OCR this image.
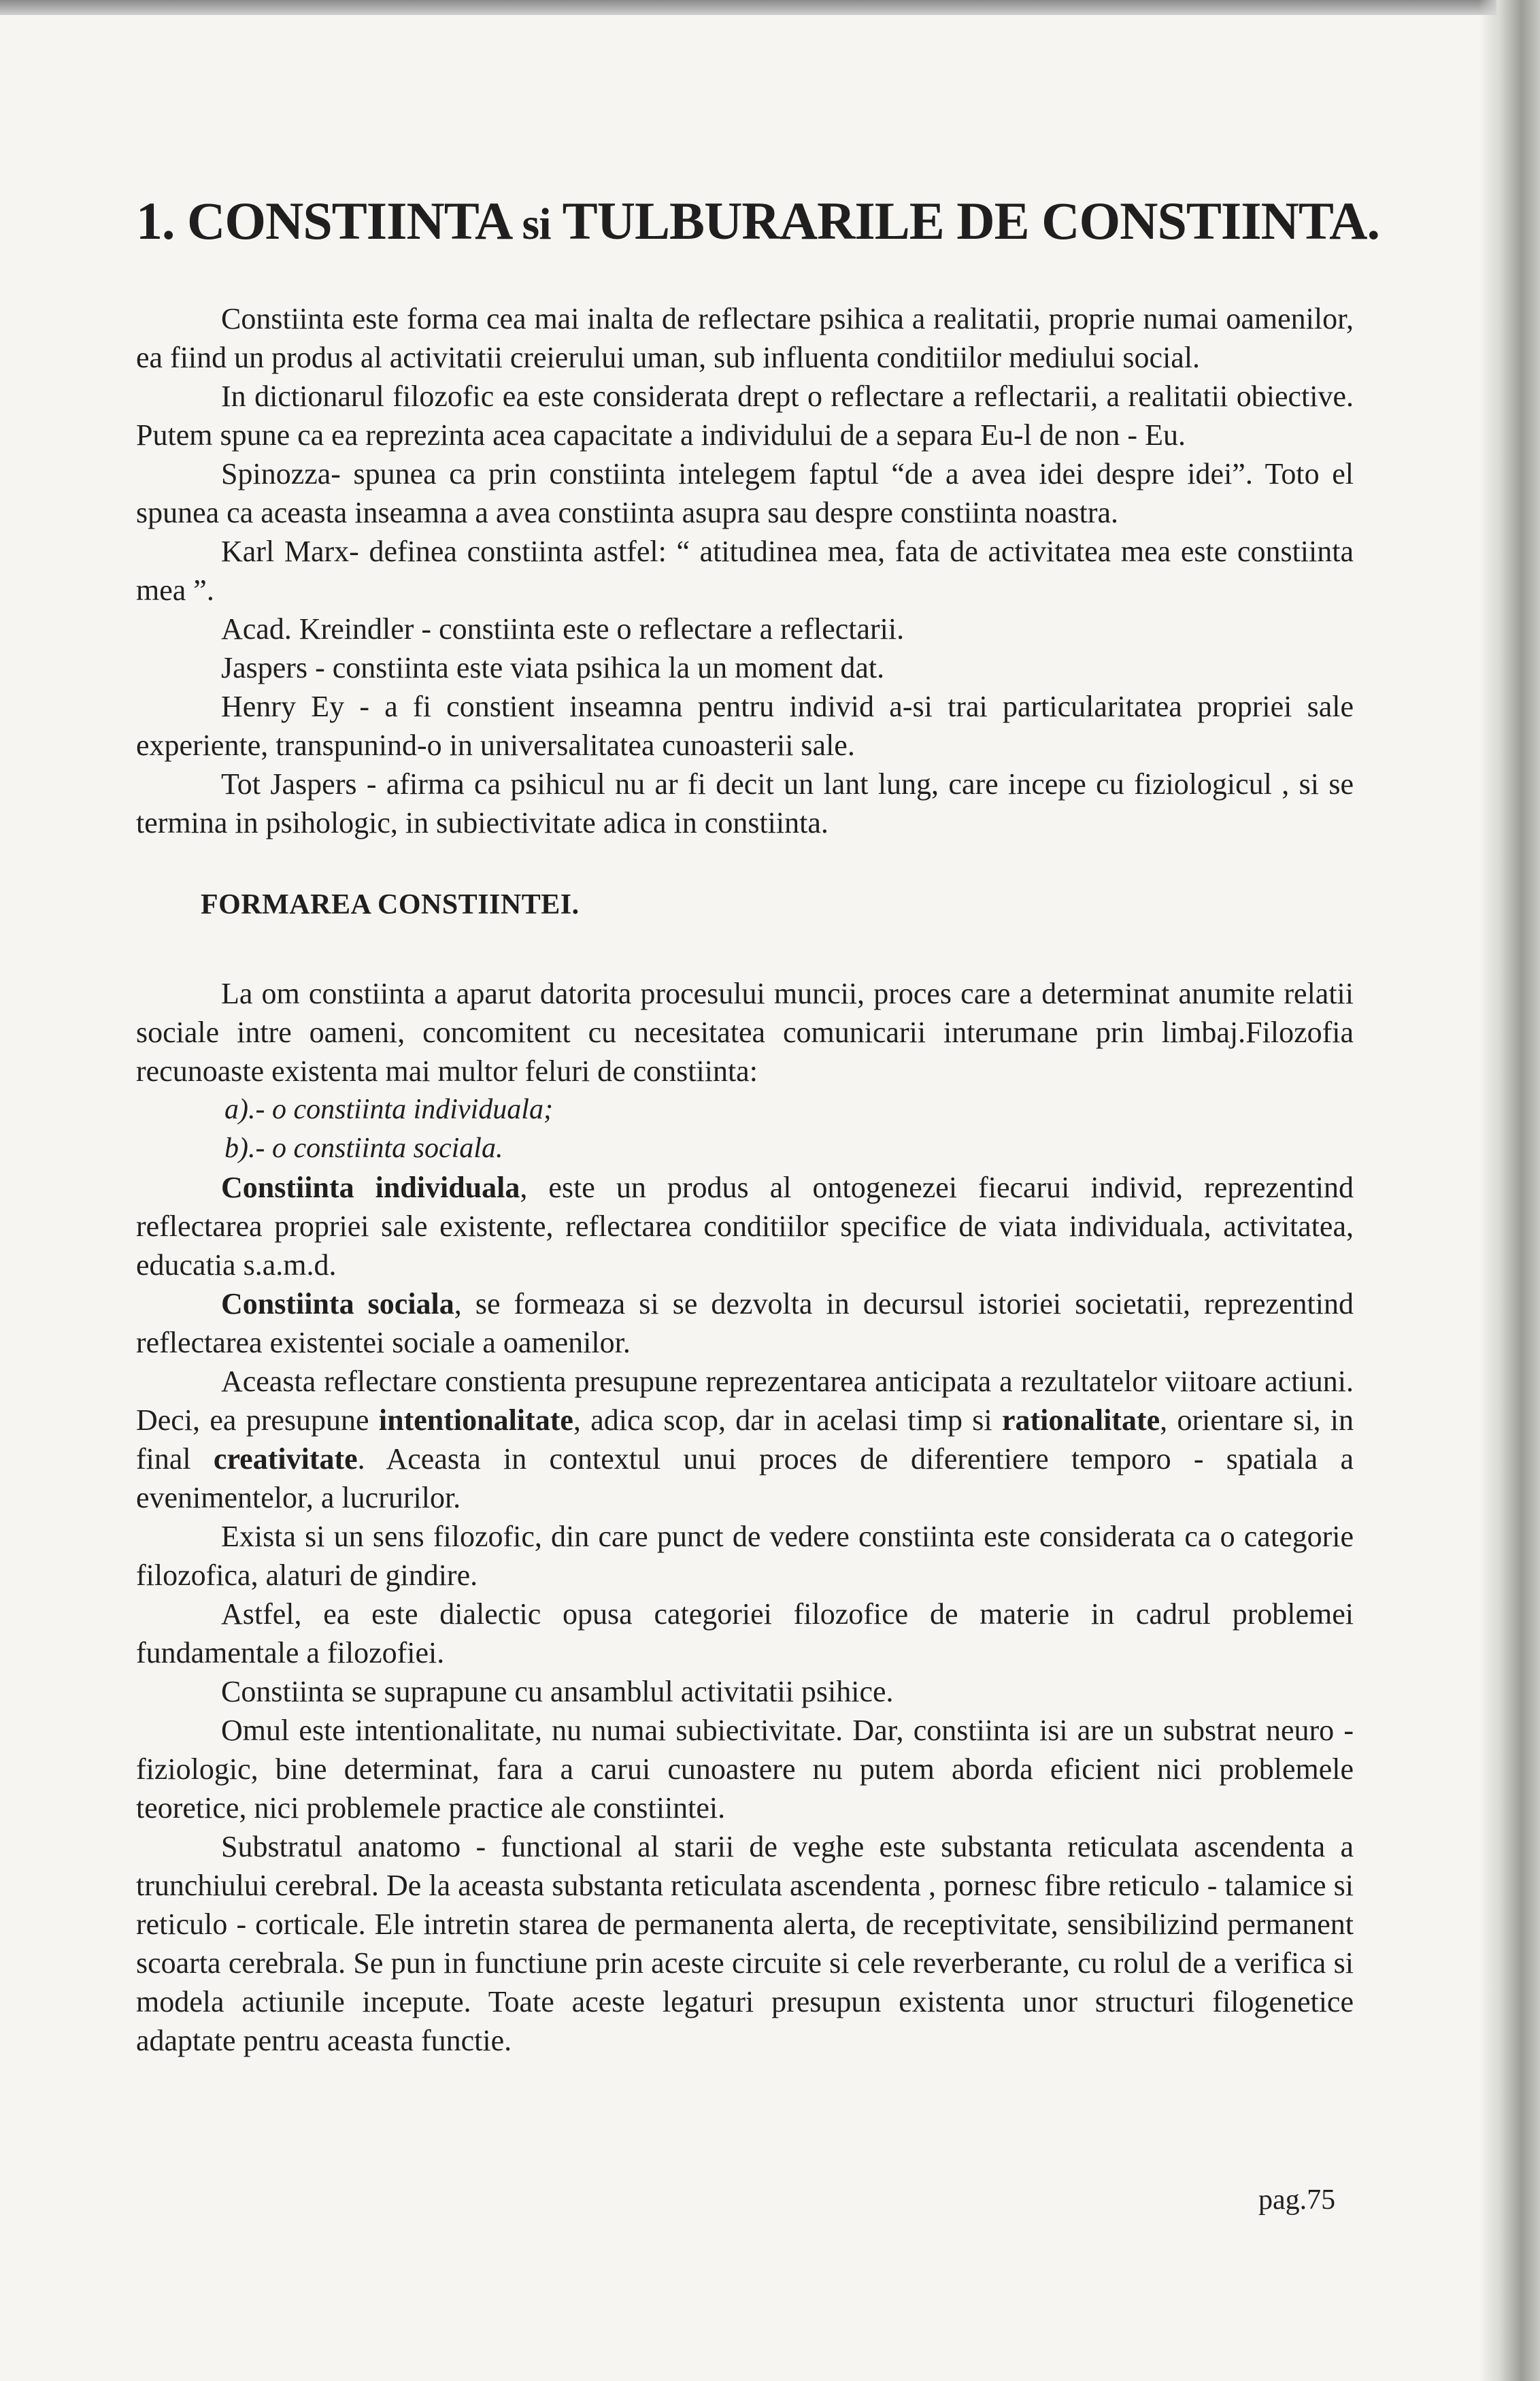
1. CONSTIINTA si TULBURARILE DE CONSTIINTA.

Constiinta este forma cea mai inalta de reflectare psihica a realitatii, proprie numai oamenilor, ea fiind un produs al activitatii creierului uman, sub influenta conditiilor mediului social.

In dictionarul filozofic ea este considerata drept o reflectare a reflectarii, a realitatii obiective. Putem spune ca ea reprezinta acea capacitate a individului de a separa Eu-l de non - Eu.

Spinozza- spunea ca prin constiinta intelegem faptul “de a avea idei despre idei”. Toto el spunea ca aceasta inseamna a avea constiinta asupra sau despre constiinta noastra.

Karl Marx- definea constiinta astfel: “ atitudinea mea, fata de activitatea mea este constiinta mea ”.

Acad. Kreindler - constiinta este o reflectare a reflectarii.

Jaspers - constiinta este viata psihica la un moment dat.

Henry Ey - a fi constient inseamna pentru individ a-si trai particularitatea propriei sale experiente, transpunind-o in universalitatea cunoasterii sale.

Tot Jaspers - afirma ca psihicul nu ar fi decit un lant lung, care incepe cu fiziologicul , si se termina in psihologic, in subiectivitate adica in constiinta.

FORMAREA CONSTIINTEI.

La om constiinta a aparut datorita procesului muncii, proces care a determinat anumite relatii sociale intre oameni, concomitent cu necesitatea comunicarii interumane prin limbaj.Filozofia recunoaste existenta mai multor feluri de constiinta:

a).- o constiinta individuala;
b).- o constiinta sociala.

Constiinta individuala, este un produs al ontogenezei fiecarui individ, reprezentind reflectarea propriei sale existente, reflectarea conditiilor specifice de viata individuala, activitatea, educatia s.a.m.d.

Constiinta sociala, se formeaza si se dezvolta in decursul istoriei societatii, reprezentind reflectarea existentei sociale a oamenilor.

Aceasta reflectare constienta presupune reprezentarea anticipata a rezultatelor viitoare actiuni. Deci, ea presupune intentionalitate, adica scop, dar in acelasi timp si rationalitate, orientare si, in final creativitate. Aceasta in contextul unui proces de diferentiere temporo - spatiala a evenimentelor, a lucrurilor.

Exista si un sens filozofic, din care punct de vedere constiinta este considerata ca o categorie filozofica, alaturi de gindire.

Astfel, ea este dialectic opusa categoriei filozofice de materie in cadrul problemei fundamentale a filozofiei.

Constiinta se suprapune cu ansamblul activitatii psihice.

Omul este intentionalitate, nu numai subiectivitate. Dar, constiinta isi are un substrat neuro - fiziologic, bine determinat, fara a carui cunoastere nu putem aborda eficient nici problemele teoretice, nici problemele practice ale constiintei.

Substratul anatomo - functional al starii de veghe este substanta reticulata ascendenta a trunchiului cerebral. De la aceasta substanta reticulata ascendenta , pornesc fibre reticulo - talamice si reticulo - corticale. Ele intretin starea de permanenta alerta, de receptivitate, sensibilizind permanent scoarta cerebrala. Se pun in functiune prin aceste circuite si cele reverberante, cu rolul de a verifica si modela actiunile incepute. Toate aceste legaturi presupun existenta unor structuri filogenetice adaptate pentru aceasta functie.

pag.75
